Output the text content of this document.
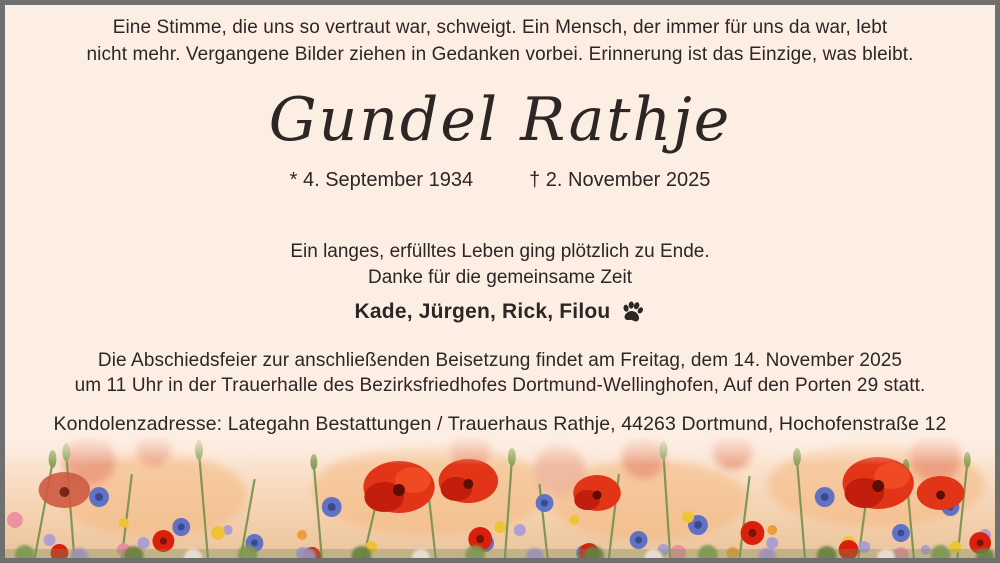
Eine Stimme, die uns so vertraut war, schweigt. Ein Mensch, der immer für uns da war, lebt
nicht mehr. Vergangene Bilder ziehen in Gedanken vorbei. Erinnerung ist das Einzige, was bleibt.
Gundel Rathje
* 4. September 1934	† 2. November 2025
Ein langes, erfülltes Leben ging plötzlich zu Ende.
Danke für die gemeinsame Zeit
Kade, Jürgen, Rick, Filou
Die Abschiedsfeier zur anschließenden Beisetzung findet am Freitag, dem 14. November 2025
um 11 Uhr in der Trauerhalle des Bezirksfriedhofes Dortmund-Wellinghofen, Auf den Porten 29 statt.
Kondolenzadresse: Lategahn Bestattungen / Trauerhaus Rathje, 44263 Dortmund, Hochofenstraße 12
